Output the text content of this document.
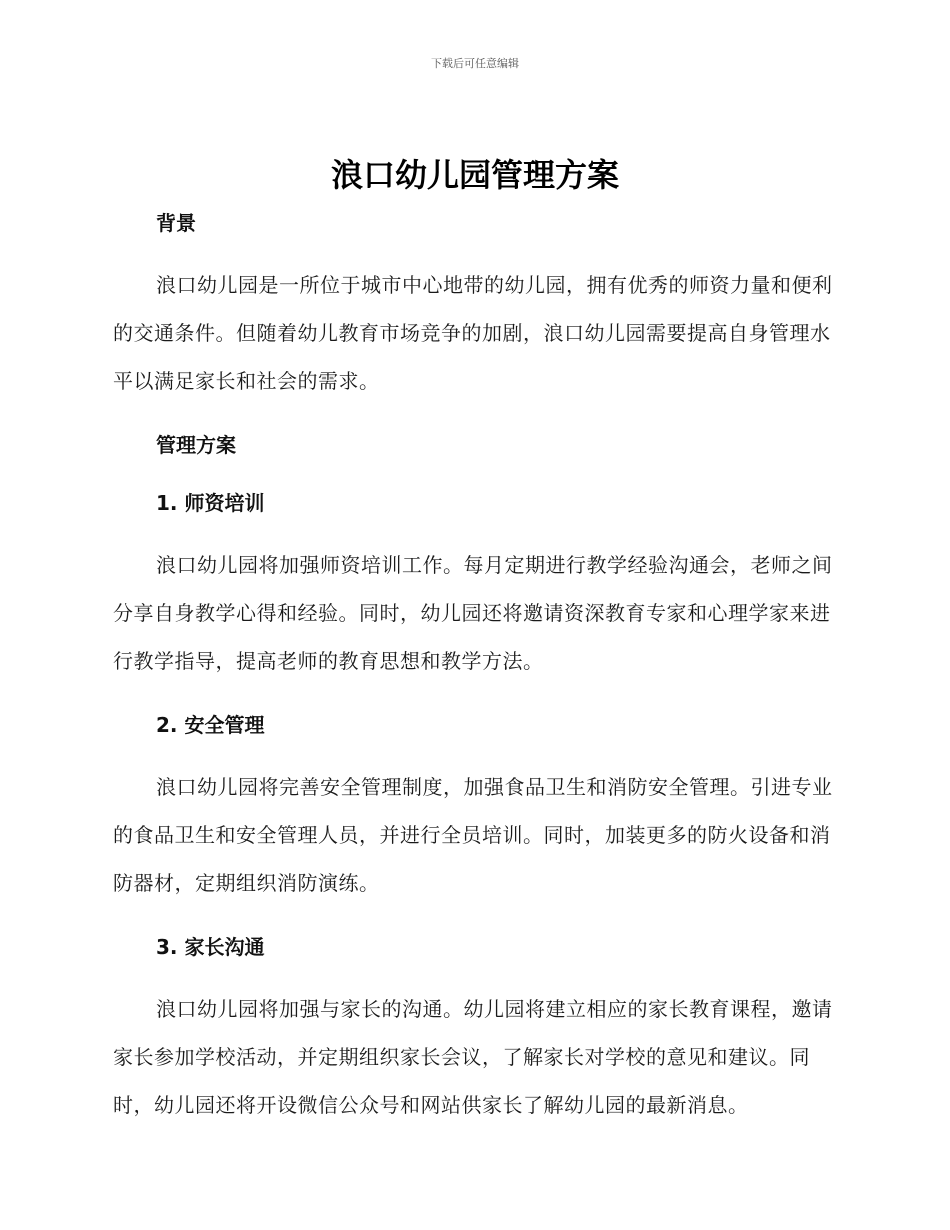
下载后可任意编辑
浪口幼儿园管理方案
背景

浪口幼儿园是一所位于城市中心地带的幼儿园，拥有优秀的师资力量和便利的交通条件。但随着幼儿教育市场竞争的加剧，浪口幼儿园需要提高自身管理水平以满足家长和社会的需求。

管理方案
1. 师资培训

浪口幼儿园将加强师资培训工作。每月定期进行教学经验沟通会，老师之间分享自身教学心得和经验。同时，幼儿园还将邀请资深教育专家和心理学家来进行教学指导，提高老师的教育思想和教学方法。

2. 安全管理

浪口幼儿园将完善安全管理制度，加强食品卫生和消防安全管理。引进专业的食品卫生和安全管理人员，并进行全员培训。同时，加装更多的防火设备和消防器材，定期组织消防演练。

3. 家长沟通

浪口幼儿园将加强与家长的沟通。幼儿园将建立相应的家长教育课程，邀请家长参加学校活动，并定期组织家长会议，了解家长对学校的意见和建议。同时，幼儿园还将开设微信公众号和网站供家长了解幼儿园的最新消息。
